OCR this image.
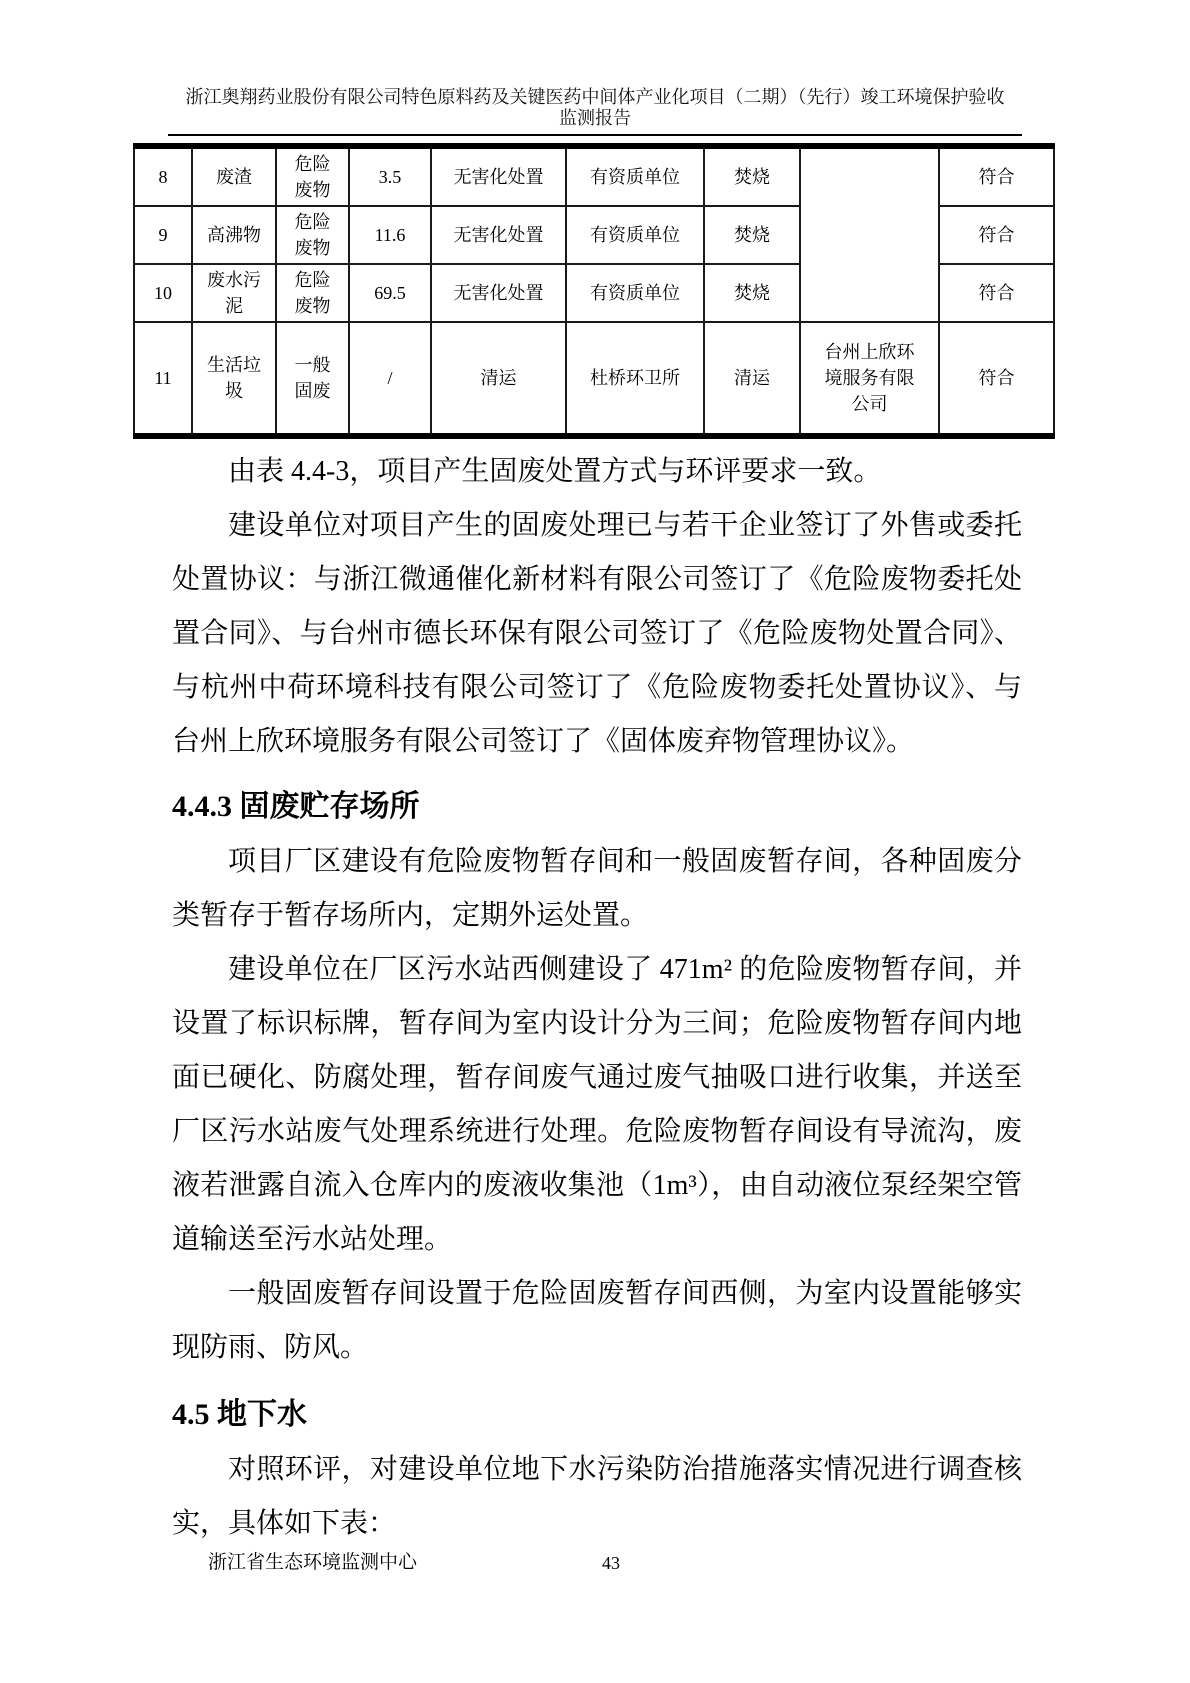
浙江奥翔药业股份有限公司特色原料药及关键医药中间体产业化项目（二期）（先行）竣工环境保护验收
监测报告
8	废渣	危险废物	3.5	无害化处置	有资质单位	焚烧		符合
9	高沸物	危险废物	11.6	无害化处置	有资质单位	焚烧		符合
10	废水污泥	危险废物	69.5	无害化处置	有资质单位	焚烧		符合
11	生活垃圾	一般固废	/	清运	杜桥环卫所	清运	台州上欣环境服务有限公司	符合

由表 4.4-3，项目产生固废处置方式与环评要求一致。

建设单位对项目产生的固废处理已与若干企业签订了外售或委托处置协议：与浙江微通催化新材料有限公司签订了《危险废物委托处置合同》、与台州市德长环保有限公司签订了《危险废物处置合同》、与杭州中荷环境科技有限公司签订了《危险废物委托处置协议》、与台州上欣环境服务有限公司签订了《固体废弃物管理协议》。

4.4.3 固废贮存场所

项目厂区建设有危险废物暂存间和一般固废暂存间，各种固废分类暂存于暂存场所内，定期外运处置。

建设单位在厂区污水站西侧建设了 471m² 的危险废物暂存间，并设置了标识标牌，暂存间为室内设计分为三间；危险废物暂存间内地面已硬化、防腐处理，暂存间废气通过废气抽吸口进行收集，并送至厂区污水站废气处理系统进行处理。危险废物暂存间设有导流沟，废液若泄露自流入仓库内的废液收集池（1m³），由自动液位泵经架空管道输送至污水站处理。

一般固废暂存间设置于危险固废暂存间西侧，为室内设置能够实现防雨、防风。

4.5 地下水

对照环评，对建设单位地下水污染防治措施落实情况进行调查核实，具体如下表：

浙江省生态环境监测中心	43
